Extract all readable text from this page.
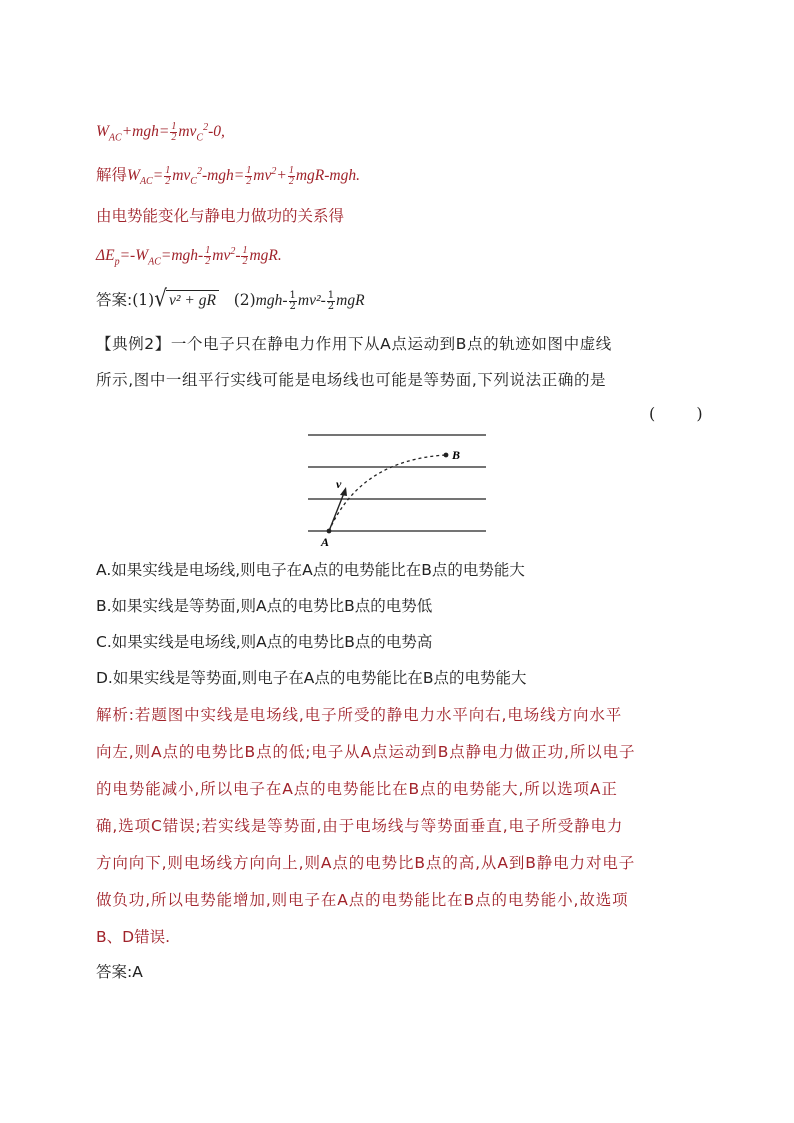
$W_{AC}+mgh= \frac{1}{2} mv_C^2-0$,
解得$W_{AC}= \frac{1}{2} mv_C^2-mgh= \frac{1}{2} mv^2+ \frac{1}{2} mgR-mgh$.
由电势能变化与静电力做功的关系得
$\Delta E_p=-W_{AC}=mgh- \frac{1}{2} mv^2- \frac{1}{2}$ mgR.
答案:(1)√ v² + gR $(2)mgh- \frac{1}{2} mv^2- \frac{1}{2}$ mgR
【典例2】一个电子只在静电力作用下从A点运动到B点的轨迹如图中虚线
所示,图中一组平行实线可能是电场线也可能是等势面,下列说法正确的是
( )
A
B
v
A.如果实线是电场线,则电子在A点的电势能比在B点的电势能大
B.如果实线是等势面,则A点的电势比B点的电势低
C.如果实线是电场线,则A点的电势比B点的电势高
D.如果实线是等势面,则电子在A点的电势能比在B点的电势能大
解析:若题图中实线是电场线,电子所受的静电力水平向右,电场线方向水平
向左,则A点的电势比B点的低;电子从A点运动到B点静电力做正功,所以电子
的电势能减小,所以电子在A点的电势能比在B点的电势能大,所以选项A正
确,选项C错误;若实线是等势面,由于电场线与等势面垂直,电子所受静电力
方向向下,则电场线方向向上,则A点的电势比B点的高,从A到B静电力对电子
做负功,所以电势能增加,则电子在A点的电势能比在B点的电势能小,故选项
B、D错误.
答案:A
